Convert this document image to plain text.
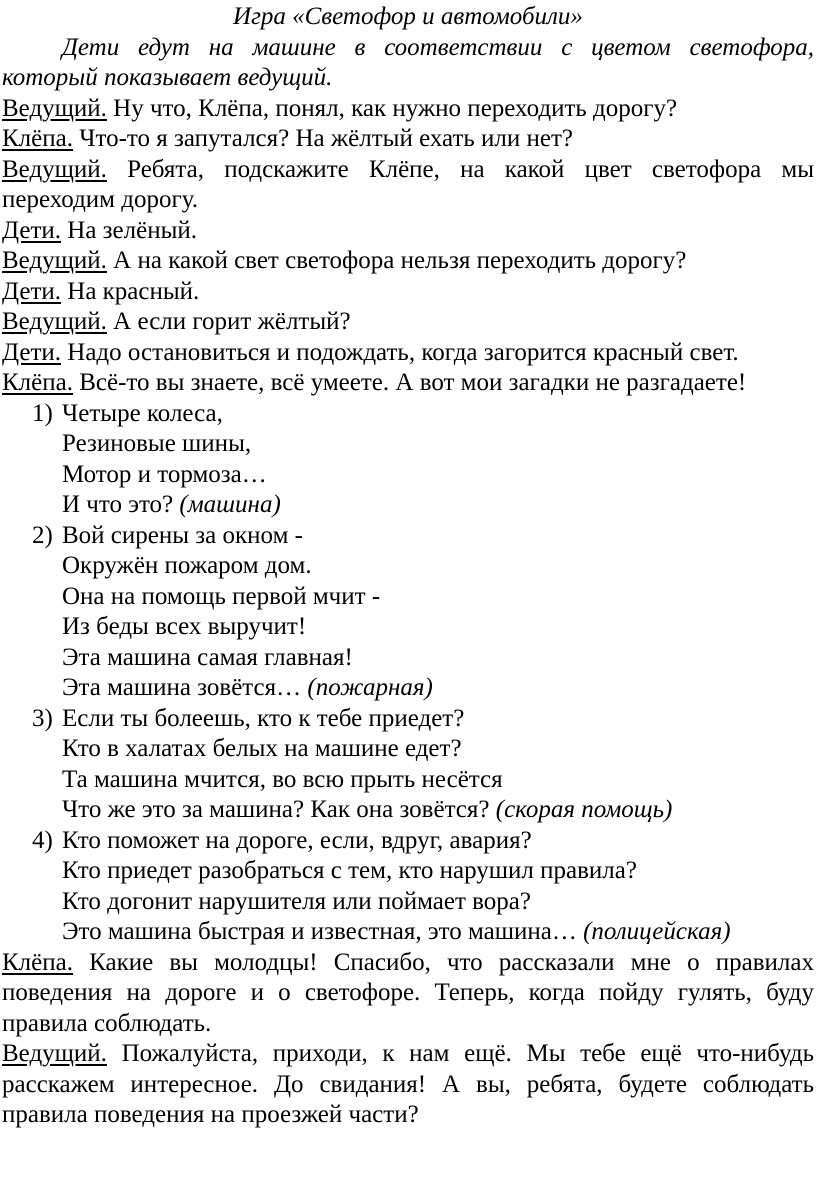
Игра «Светофор и автомобили»
Дети едут на машине в соответствии с цветом светофора, который показывает ведущий.
Ведущий. Ну что, Клёпа, понял, как нужно переходить дорогу?
Клёпа. Что-то я запутался? На жёлтый ехать или нет?
Ведущий. Ребята, подскажите Клёпе, на какой цвет светофора мы переходим дорогу.
Дети. На зелёный.
Ведущий. А на какой свет светофора нельзя переходить дорогу?
Дети. На красный.
Ведущий. А если горит жёлтый?
Дети. Надо остановиться и подождать, когда загорится красный свет.
Клёпа. Всё-то вы знаете, всё умеете. А вот мои загадки не разгадаете!
1) Четыре колеса,
Резиновые шины,
Мотор и тормоза…
И что это? (машина)
2) Вой сирены за окном -
Окружён пожаром дом.
Она на помощь первой мчит -
Из беды всех выручит!
Эта машина самая главная!
Эта машина зовётся… (пожарная)
3) Если ты болеешь, кто к тебе приедет?
Кто в халатах белых на машине едет?
Та машина мчится, во всю прыть несётся
Что же это за машина? Как она зовётся? (скорая помощь)
4) Кто поможет на дороге, если, вдруг, авария?
Кто приедет разобраться с тем, кто нарушил правила?
Кто догонит нарушителя или поймает вора?
Это машина быстрая и известная, это машина… (полицейская)
Клёпа. Какие вы молодцы! Спасибо, что рассказали мне о правилах поведения на дороге и о светофоре. Теперь, когда пойду гулять, буду правила соблюдать.
Ведущий. Пожалуйста, приходи, к нам ещё. Мы тебе ещё что-нибудь расскажем интересное. До свидания! А вы, ребята, будете соблюдать правила поведения на проезжей части?
